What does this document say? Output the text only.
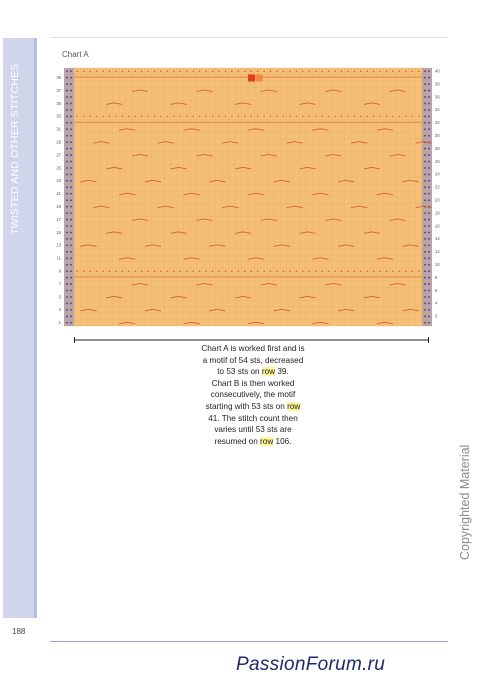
TWISTED AND OTHER STITCHES
Chart A
39
37
35
33
31
29
27
25
23
21
19
17
15
13
11
9
7
5
3
1
40
38
36
34
32
30
28
26
24
22
20
18
16
14
12
10
8
6
4
2
Chart A is worked first and is
a motif of 54 sts, decreased
to 53 sts on row 39.
Chart B is then worked
consecutively, the motif
starting with 53 sts on row
41. The stitch count then
varies until 53 sts are
resumed on row 106.
Copyrighted Material
188
PassionForum.ru
